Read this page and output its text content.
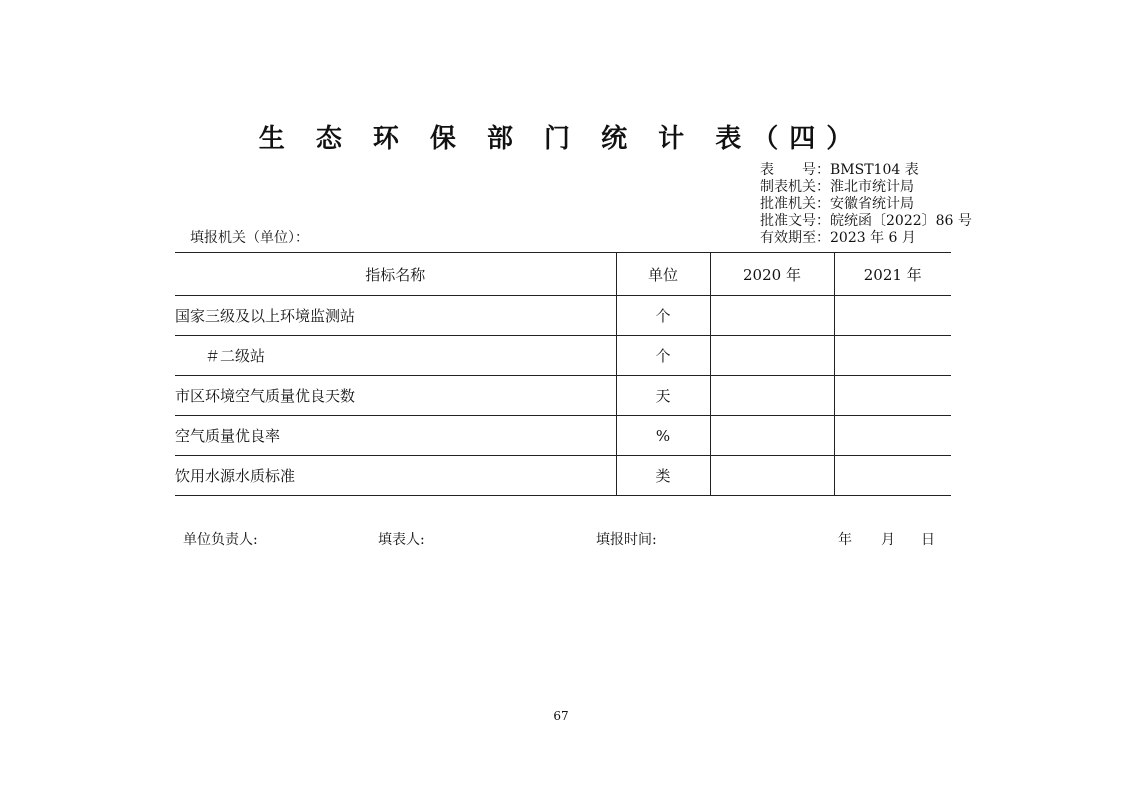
生 态 环 保 部 门 统 计 表（四）
表号：BMST104 表
制表机关：淮北市统计局
批准机关：安徽省统计局
批准文号：皖统函〔2022〕86 号
有效期至：2023 年 6 月
填报机关（单位）：
指标名称	单位	2020 年	2021 年
国家三级及以上环境监测站	个		
＃二级站	个		
市区环境空气质量优良天数	天		
空气质量优良率	%		
饮用水源水质标准	类		
单位负责人:	填表人:	填报时间:	年 月 日
67
